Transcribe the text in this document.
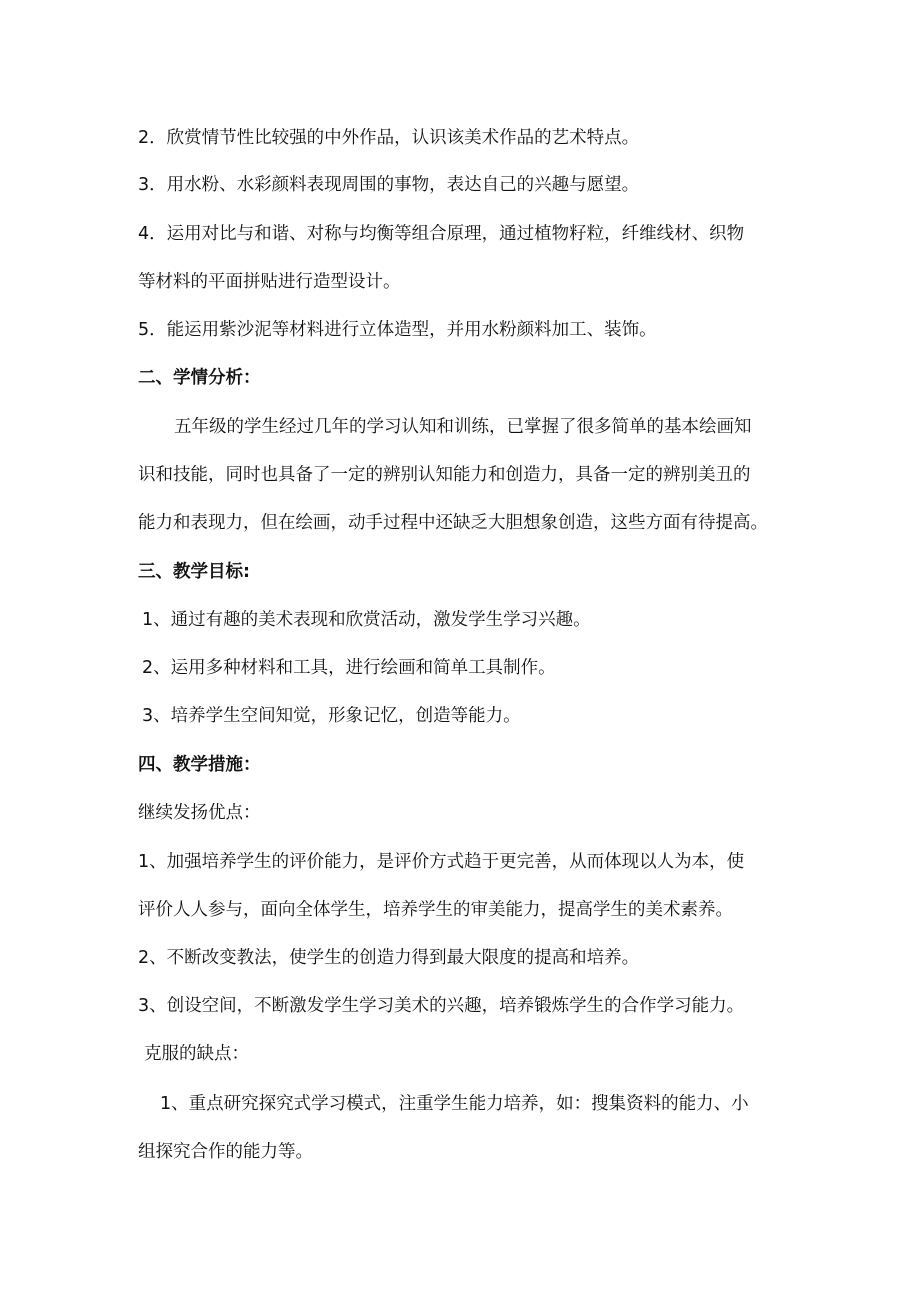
2．欣赏情节性比较强的中外作品，认识该美术作品的艺术特点。
3．用水粉、水彩颜料表现周围的事物，表达自己的兴趣与愿望。
4．运用对比与和谐、对称与均衡等组合原理，通过植物籽粒，纤维线材、织物
等材料的平面拼贴进行造型设计。
5．能运用紫沙泥等材料进行立体造型，并用水粉颜料加工、装饰。
二、学情分析：
五年级的学生经过几年的学习认知和训练，已掌握了很多简单的基本绘画知
识和技能，同时也具备了一定的辨别认知能力和创造力，具备一定的辨别美丑的
能力和表现力，但在绘画，动手过程中还缺乏大胆想象创造，这些方面有待提高。
三、教学目标:
1、通过有趣的美术表现和欣赏活动，激发学生学习兴趣。
2、运用多种材料和工具，进行绘画和简单工具制作。
3、培养学生空间知觉，形象记忆，创造等能力。
四、教学措施：
继续发扬优点：
1、加强培养学生的评价能力，是评价方式趋于更完善，从而体现以人为本，使
评价人人参与，面向全体学生，培养学生的审美能力，提高学生的美术素养。
2、不断改变教法，使学生的创造力得到最大限度的提高和培养。
3、创设空间，不断激发学生学习美术的兴趣，培养锻炼学生的合作学习能力。
克服的缺点：
1、重点研究探究式学习模式，注重学生能力培养，如：搜集资料的能力、小
组探究合作的能力等。
